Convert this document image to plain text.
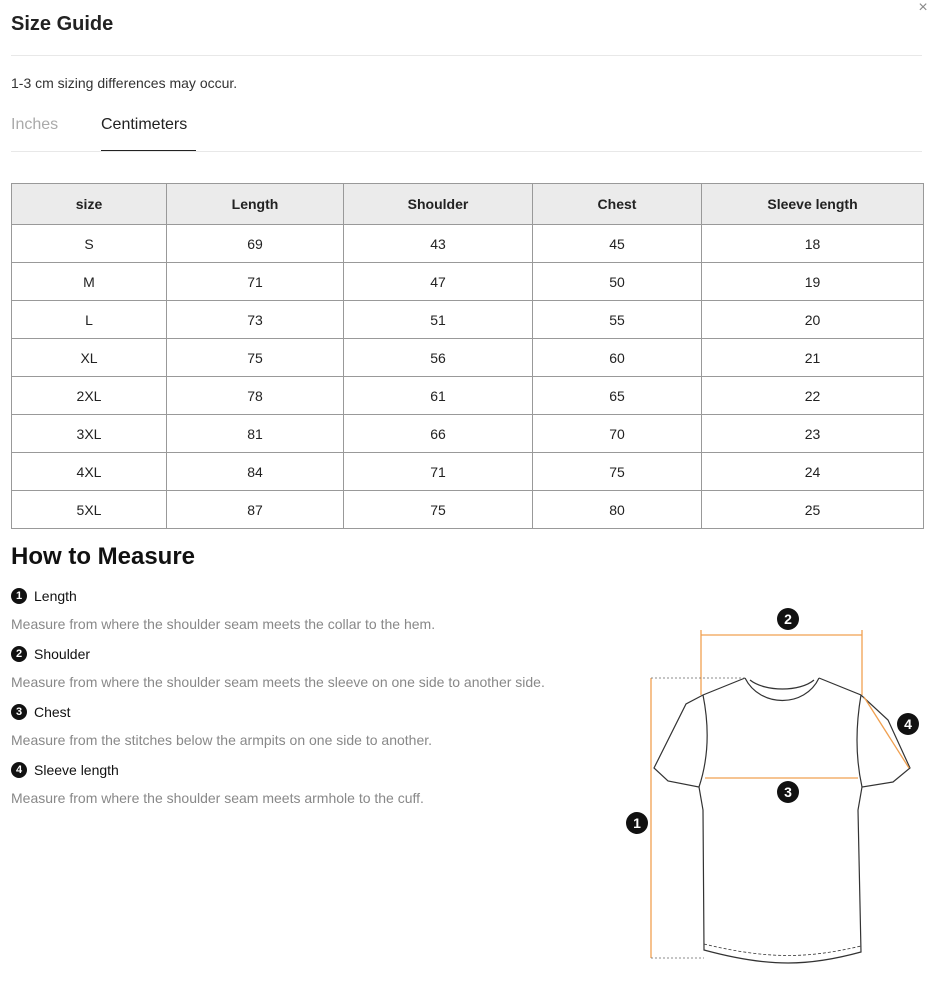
×
Size Guide
1-3 cm sizing differences may occur.
Inches	Centimeters
size	Length	Shoulder	Chest	Sleeve length
S	69	43	45	18
M	71	47	50	19
L	73	51	55	20
XL	75	56	60	21
2XL	78	61	65	22
3XL	81	66	70	23
4XL	84	71	75	24
5XL	87	75	80	25
How to Measure
1 Length
Measure from where the shoulder seam meets the collar to the hem.
2 Shoulder
Measure from where the shoulder seam meets the sleeve on one side to another side.
3 Chest
Measure from the stitches below the armpits on one side to another.
4 Sleeve length
Measure from where the shoulder seam meets armhole to the cuff.
1
2
3
4
